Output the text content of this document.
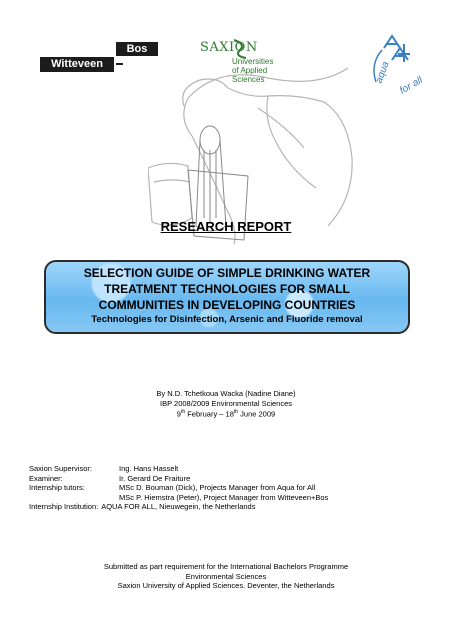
Bos
Witteveen
SAXION
Universities
of Applied
Sciences	for all
aqua
RESEARCH REPORT
SELECTION GUIDE OF SIMPLE DRINKING WATER
TREATMENT TECHNOLOGIES FOR SMALL
COMMUNITIES IN DEVELOPING COUNTRIES
Technologies for Disinfection, Arsenic and Fluoride removal
By N.D. Tchetkoua Wacka (Nadine Diane)
IBP 2008/2009 Environmental Sciences
9th February – 18th June 2009
Saxion Supervisor:	Ing. Hans Hasselt
Examiner:	Ir. Gerard De Fraiture
Internship tutors:	MSc D. Bouman (Dick), Projects Manager from Aqua for All
MSc P. Hiemstra (Peter), Project Manager from Witteveen+Bos
Internship Institution: AQUA FOR ALL, Nieuwegein, the Netherlands
Submitted as part requirement for the International Bachelors Programme
Environmental Sciences
Saxion University of Applied Sciences. Deventer, the Netherlands
